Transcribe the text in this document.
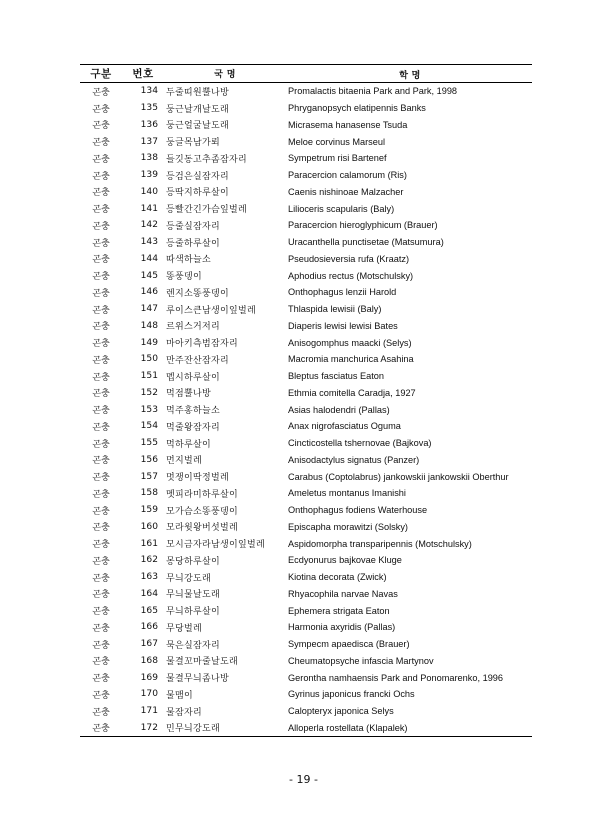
구분	번호	국 명	학 명
곤충	134	두줄띠원뿔나방	Promalactis bitaenia Park and Park, 1998
곤충	135	둥근날개날도래	Phryganopsych elatipennis Banks
곤충	136	둥근얼굴날도래	Micrasema hanasense Tsuda
곤충	137	둥글목남가뢰	Meloe corvinus Marseul
곤충	138	들깃동고추좀잠자리	Sympetrum risi Bartenef
곤충	139	등검은실잠자리	Paracercion calamorum (Ris)
곤충	140	등딱지하루살이	Caenis nishinoae Malzacher
곤충	141	등빨간긴가슴잎벌레	Lilioceris scapularis (Baly)
곤충	142	등줄실잠자리	Paracercion hieroglyphicum (Brauer)
곤충	143	등줄하루살이	Uracanthella punctisetae (Matsumura)
곤충	144	따색하늘소	Pseudosieversia rufa (Kraatz)
곤충	145	똥풍뎅이	Aphodius rectus (Motschulsky)
곤충	146	렌지소똥풍뎅이	Onthophagus lenzii Harold
곤충	147	루이스큰남생이잎벌레	Thlaspida lewisii (Baly)
곤충	148	르위스거저리	Diaperis lewisi lewisi Bates
곤충	149	마아키측범잠자리	Anisogomphus maacki (Selys)
곤충	150	만주잔산잠자리	Macromia manchurica Asahina
곤충	151	멥시하루살이	Bleptus fasciatus Eaton
곤충	152	먹점뿔나방	Ethmia comitella Caradja, 1927
곤충	153	먹주홍하늘소	Asias halodendri (Pallas)
곤충	154	먹줄왕잠자리	Anax nigrofasciatus Oguma
곤충	155	먹하루살이	Cincticostella tshernovae (Bajkova)
곤충	156	먼지벌레	Anisodactylus signatus (Panzer)
곤충	157	멋쟁이딱정벌레	Carabus (Coptolabrus) jankowskii jankowskii Oberthur
곤충	158	멧피라미하루살이	Ameletus montanus Imanishi
곤충	159	모가슴소똥풍뎅이	Onthophagus fodiens Waterhouse
곤충	160	모라윗왕버섯벌레	Episcapha morawitzi (Solsky)
곤충	161	모시금자라남생이잎벌레	Aspidomorpha transparipennis (Motschulsky)
곤충	162	몽당하루살이	Ecdyonurus bajkovae Kluge
곤충	163	무늬강도래	Kiotina decorata (Zwick)
곤충	164	무늬물날도래	Rhyacophila narvae Navas
곤충	165	무늬하루살이	Ephemera strigata Eaton
곤충	166	무당벌레	Harmonia axyridis (Pallas)
곤충	167	묵은실잠자리	Sympecm apaedisca (Brauer)
곤충	168	물결꼬마줄날도래	Cheumatopsyche infascia Martynov
곤충	169	물결무늬좀나방	Gerontha namhaensis Park and Ponomarenko, 1996
곤충	170	물맴이	Gyrinus japonicus francki Ochs
곤충	171	물잠자리	Calopteryx japonica Selys
곤충	172	민무늬강도래	Alloperla rostellata (Klapalek)
- 19 -
